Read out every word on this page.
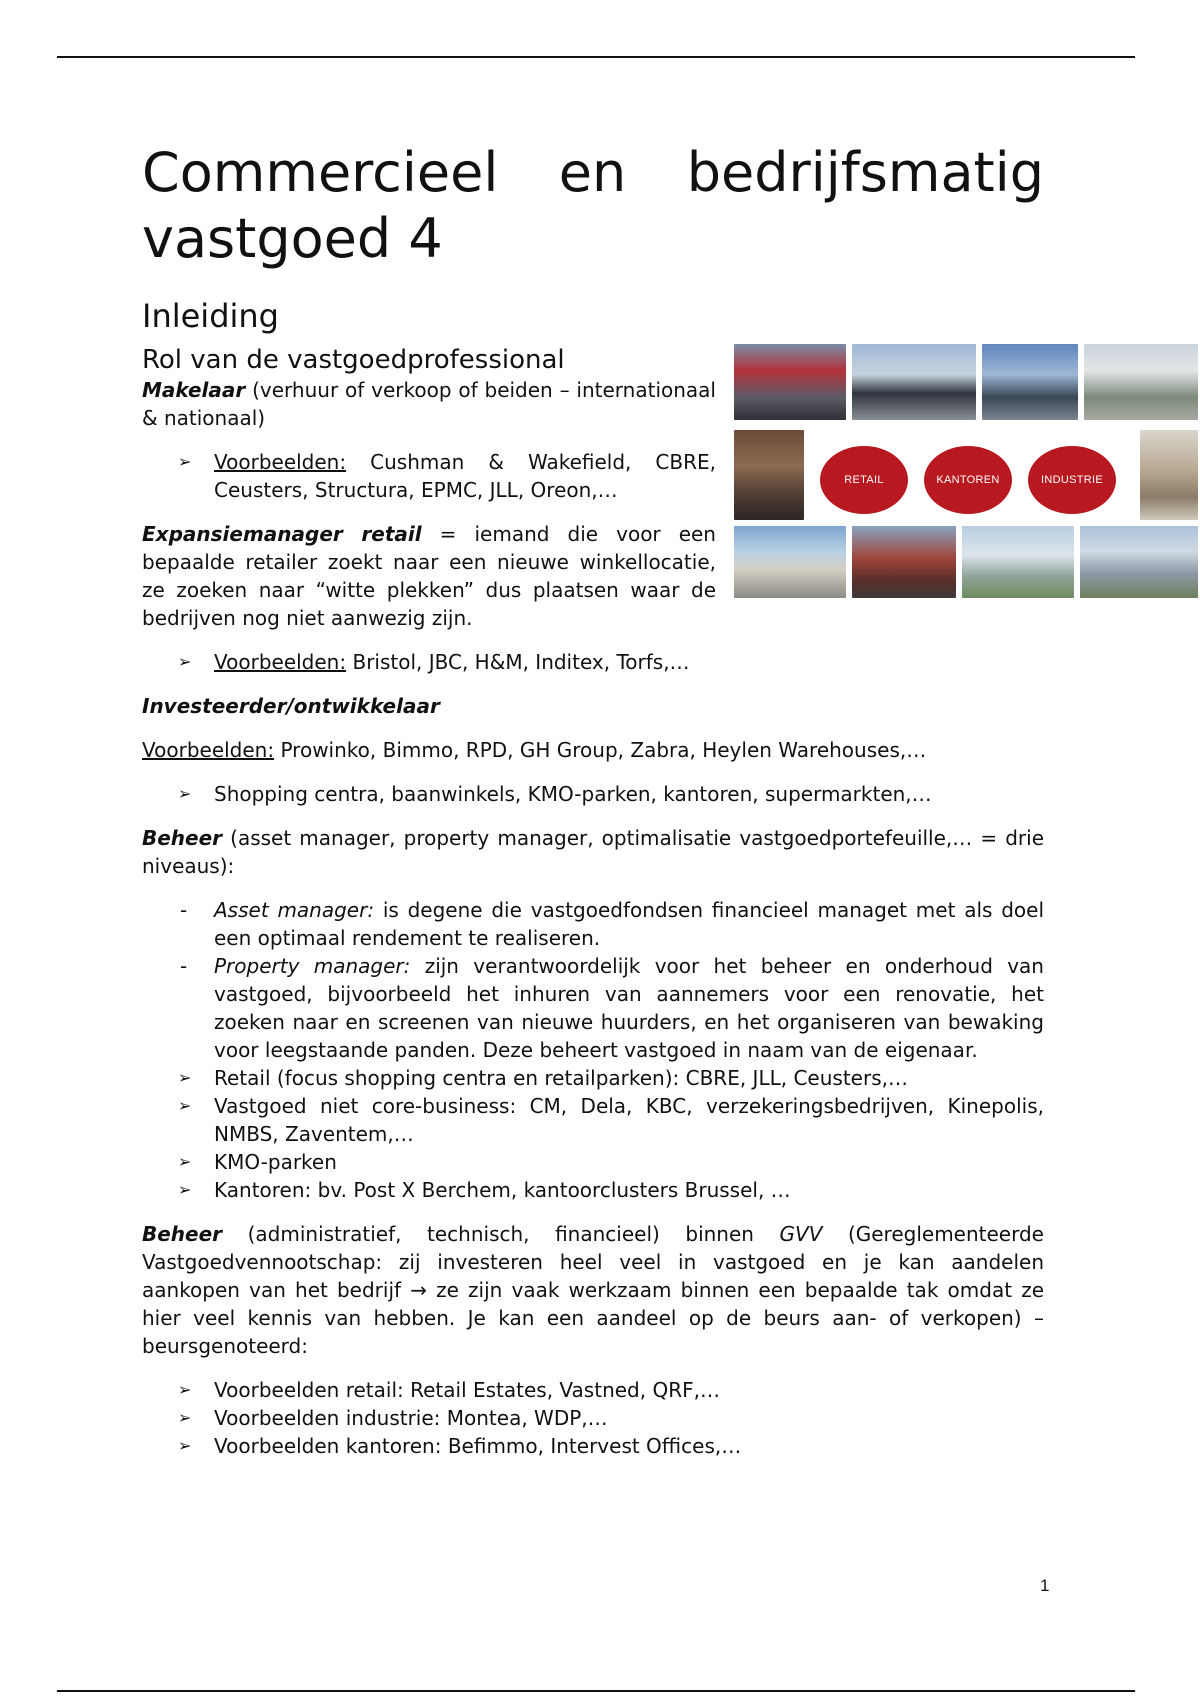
Commercieel en bedrijfsmatig vastgoed 4
Inleiding
Rol van de vastgoedprofessional

Makelaar (verhuur of verkoop of beiden – internationaal & nationaal)

➢ Voorbeelden: Cushman & Wakefield, CBRE, Ceusters, Structura, EPMC, JLL, Oreon,…

Expansiemanager retail = iemand die voor een bepaalde retailer zoekt naar een nieuwe winkellocatie, ze zoeken naar “witte plekken” dus plaatsen waar de bedrijven nog niet aanwezig zijn.

➢ Voorbeelden: Bristol, JBC, H&M, Inditex, Torfs,…

Investeerder/ontwikkelaar

Voorbeelden: Prowinko, Bimmo, RPD, GH Group, Zabra, Heylen Warehouses,…

➢ Shopping centra, baanwinkels, KMO-parken, kantoren, supermarkten,…

Beheer (asset manager, property manager, optimalisatie vastgoedportefeuille,… = drie niveaus):

- Asset manager: is degene die vastgoedfondsen financieel managet met als doel een optimaal rendement te realiseren.
- Property manager: zijn verantwoordelijk voor het beheer en onderhoud van vastgoed, bijvoorbeeld het inhuren van aannemers voor een renovatie, het zoeken naar en screenen van nieuwe huurders, en het organiseren van bewaking voor leegstaande panden. Deze beheert vastgoed in naam van de eigenaar.
➢ Retail (focus shopping centra en retailparken): CBRE, JLL, Ceusters,…
➢ Vastgoed niet core-business: CM, Dela, KBC, verzekeringsbedrijven, Kinepolis, NMBS, Zaventem,…
➢ KMO-parken
➢ Kantoren: bv. Post X Berchem, kantoorclusters Brussel, …

Beheer (administratief, technisch, financieel) binnen GVV (Gereglementeerde Vastgoedvennootschap: zij investeren heel veel in vastgoed en je kan aandelen aankopen van het bedrijf → ze zijn vaak werkzaam binnen een bepaalde tak omdat ze hier veel kennis van hebben. Je kan een aandeel op de beurs aan- of verkopen) – beursgenoteerd:

➢ Voorbeelden retail: Retail Estates, Vastned, QRF,…
➢ Voorbeelden industrie: Montea, WDP,…
➢ Voorbeelden kantoren: Befimmo, Intervest Offices,…
RETAIL	KANTOREN	INDUSTRIE
1
